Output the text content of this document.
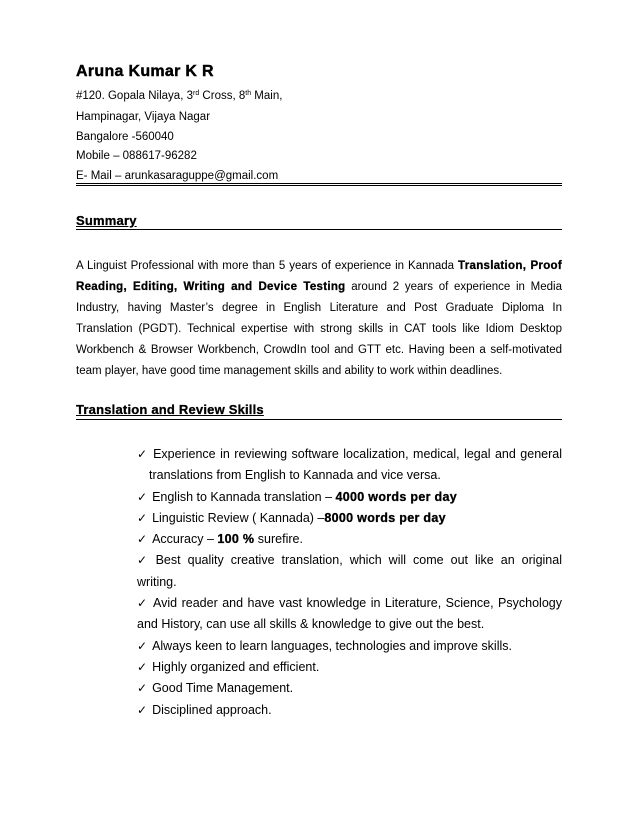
Aruna Kumar K R
#120. Gopala Nilaya, 3rd Cross, 8th Main,
Hampinagar, Vijaya Nagar
Bangalore -560040
Mobile – 088617-96282
E- Mail – arunkasaraguppe@gmail.com
Summary
A Linguist Professional with more than 5 years of experience in Kannada Translation, Proof Reading, Editing, Writing and Device Testing around 2 years of experience in Media Industry, having Master’s degree in English Literature and Post Graduate Diploma In Translation (PGDT). Technical expertise with strong skills in CAT tools like Idiom Desktop Workbench & Browser Workbench, CrowdIn tool and GTT etc. Having been a self-motivated team player, have good time management skills and ability to work within deadlines.
Translation and Review Skills

✓ Experience in reviewing software localization, medical, legal and general translations from English to Kannada and vice versa.

✓ English to Kannada translation – 4000 words per day

✓ Linguistic Review ( Kannada) –8000 words per day

✓ Accuracy – 100 % surefire.

✓ Best quality creative translation, which will come out like an original writing.

✓ Avid reader and have vast knowledge in Literature, Science, Psychology and History, can use all skills & knowledge to give out the best.

✓ Always keen to learn languages, technologies and improve skills.

✓ Highly organized and efficient.

✓ Good Time Management.

✓ Disciplined approach.
